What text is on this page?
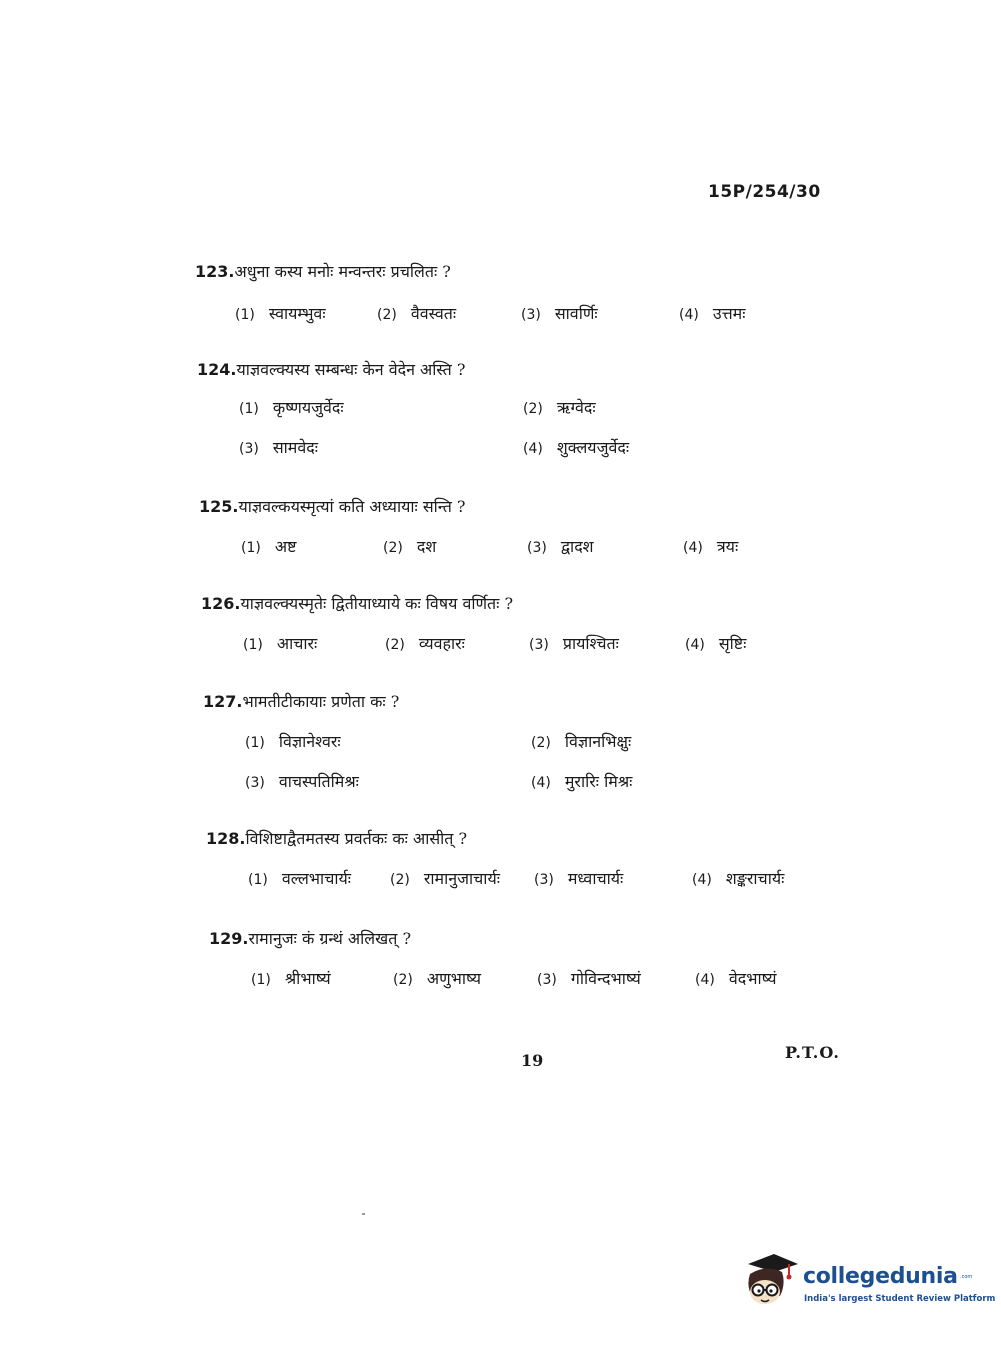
15P/254/30
123.अधुना कस्य मनोः मन्वन्तरः प्रचलितः ?
(1) स्वायम्भुवः	(2) वैवस्वतः	(3) सावर्णिः	(4) उत्तमः
124.याज्ञवल्क्यस्य सम्बन्धः केन वेदेन अस्ति ?
(1) कृष्णयजुर्वेदः	(2) ऋग्वेदः
(3) सामवेदः	(4) शुक्लयजुर्वेदः
125.याज्ञवल्कयस्मृत्यां कति अध्यायाः सन्ति ?
(1) अष्ट	(2) दश	(3) द्वादश	(4) त्रयः
126.याज्ञवल्क्यस्मृतेः द्वितीयाध्याये कः विषय वर्णितः ?
(1) आचारः	(2) व्यवहारः	(3) प्रायश्चितः	(4) सृष्टिः
127.भामतीटीकायाः प्रणेता कः ?
(1) विज्ञानेश्वरः	(2) विज्ञानभिक्षुः
(3) वाचस्पतिमिश्रः	(4) मुरारिः मिश्रः
128.विशिष्टाद्वैतमतस्य प्रवर्तकः कः आसीत् ?
(1) वल्लभाचार्यः	(2) रामानुजाचार्यः (3) मध्वाचार्यः	(4) शङ्कराचार्यः
129.रामानुजः कं ग्रन्थं अलिखत् ?
(1) श्रीभाष्यं	(2) अणुभाष्य	(3) गोविन्दभाष्यं	(4) वेदभाष्यं
19	P.T.O.
collegedunia .com
India's largest Student Review Platform
